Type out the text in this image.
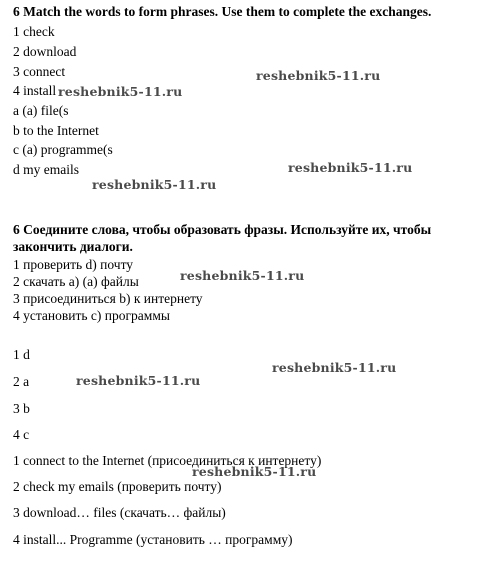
6 Match the words to form phrases. Use them to complete the exchanges.
1 check
2 download
3 connect
4 install
a (a) file(s
b to the Internet
c (a) programme(s
d my emails
6 Соедините слова, чтобы образовать фразы. Используйте их, чтобы закончить диалоги.
1 проверить d) почту
2 скачать a) (a) файлы
3 присоединиться b) к интернету
4 установить c) программы
1 d
2 a
3 b
4 c
1 connect to the Internet (присоединиться к интернету)
2 check my emails (проверить почту)
3 download… files (скачать… файлы)
4 install... Programme (установить … программу)
reshebnik5-11.ru
reshebnik5-11.ru
reshebnik5-11.ru
reshebnik5-11.ru
reshebnik5-11.ru
reshebnik5-11.ru
reshebnik5-11.ru
reshebnik5-11.ru
